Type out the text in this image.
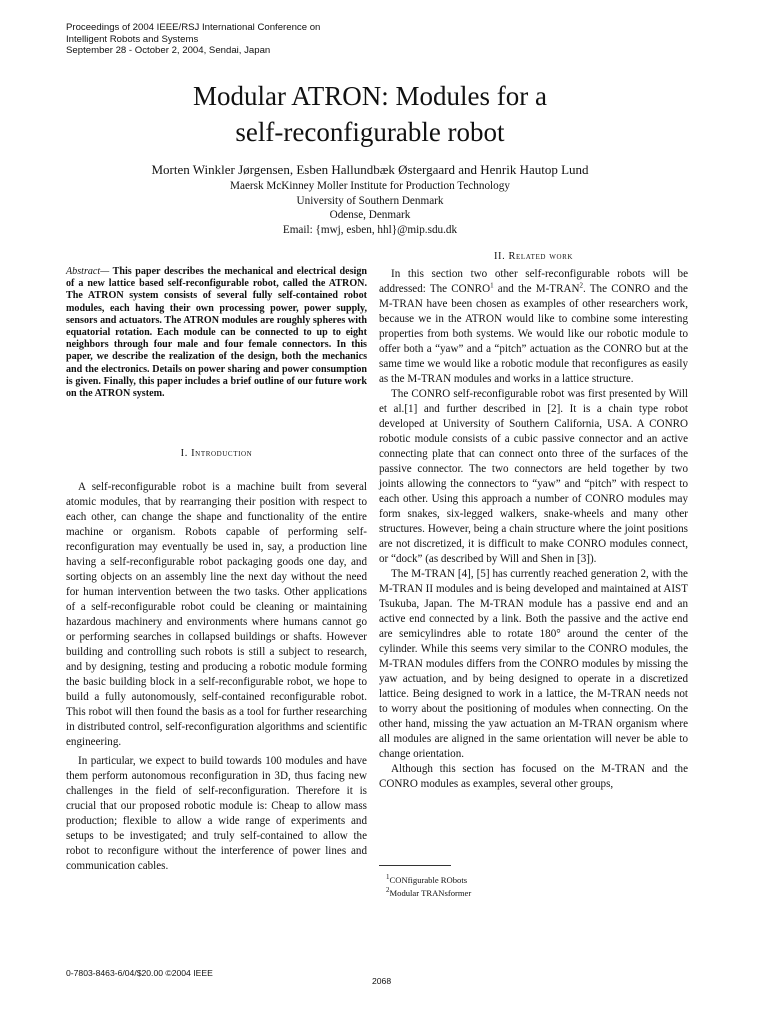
Proceedings of 2004 IEEE/RSJ International Conference on
Intelligent Robots and Systems
September 28 - October 2, 2004, Sendai, Japan
Modular ATRON: Modules for a
self-reconfigurable robot
Morten Winkler Jørgensen, Esben Hallundbæk Østergaard and Henrik Hautop Lund
Maersk McKinney Moller Institute for Production Technology
University of Southern Denmark
Odense, Denmark
Email: {mwj, esben, hhl}@mip.sdu.dk
Abstract— This paper describes the mechanical and electrical design of a new lattice based self-reconfigurable robot, called the ATRON. The ATRON system consists of several fully self-contained robot modules, each having their own processing power, power supply, sensors and actuators. The ATRON modules are roughly spheres with equatorial rotation. Each module can be connected to up to eight neighbors through four male and four female connectors. In this paper, we describe the realization of the design, both the mechanics and the electronics. Details on power sharing and power consumption is given. Finally, this paper includes a brief outline of our future work on the ATRON system.
I. Introduction

A self-reconfigurable robot is a machine built from several atomic modules, that by rearranging their position with respect to each other, can change the shape and functionality of the entire machine or organism. Robots capable of performing self-reconfiguration may eventually be used in, say, a production line having a self-reconfigurable robot packaging goods one day, and sorting objects on an assembly line the next day without the need for human intervention between the two tasks. Other applications of a self-reconfigurable robot could be cleaning or maintaining hazardous machinery and environments where humans cannot go or performing searches in collapsed buildings or shafts. However building and controlling such robots is still a subject to research, and by designing, testing and producing a robotic module forming the basic building block in a self-reconfigurable robot, we hope to build a fully autonomously, self-contained reconfigurable robot. This robot will then found the basis as a tool for further researching in distributed control, self-reconfiguration algorithms and scientific engineering.

In particular, we expect to build towards 100 modules and have them perform autonomous reconfiguration in 3D, thus facing new challenges in the field of self-reconfiguration. Therefore it is crucial that our proposed robotic module is: Cheap to allow mass production; flexible to allow a wide range of experiments and setups to be investigated; and truly self-contained to allow the robot to reconfigure without the interference of power lines and communication cables.

II. Related work

In this section two other self-reconfigurable robots will be addressed: The CONRO$^1$ and the M-TRAN$^2$. The CONRO and the M-TRAN have been chosen as examples of other researchers work, because we in the ATRON would like to combine some interesting properties from both systems. We would like our robotic module to offer both a “yaw” and a “pitch” actuation as the CONRO but at the same time we would like a robotic module that reconfigures as easily as the M-TRAN modules and works in a lattice structure.

The CONRO self-reconfigurable robot was first presented by Will et al.[1] and further described in [2]. It is a chain type robot developed at University of Southern California, USA. A CONRO robotic module consists of a cubic passive connector and an active connecting plate that can connect onto three of the surfaces of the passive connector. The two connectors are held together by two joints allowing the connectors to “yaw” and “pitch” with respect to each other. Using this approach a number of CONRO modules may form snakes, six-legged walkers, snake-wheels and many other structures. However, being a chain structure where the joint positions are not discretized, it is difficult to make CONRO modules connect, or “dock” (as described by Will and Shen in [3]).

The M-TRAN [4], [5] has currently reached generation 2, with the M-TRAN II modules and is being developed and maintained at AIST Tsukuba, Japan. The M-TRAN module has a passive end and an active end connected by a link. Both the passive and the active end are semicylindres able to rotate 180° around the center of the cylinder. While this seems very similar to the CONRO modules, the M-TRAN modules differs from the CONRO modules by missing the yaw actuation, and by being designed to operate in a discretized lattice. Being designed to work in a lattice, the M-TRAN needs not to worry about the positioning of modules when connecting. On the other hand, missing the yaw actuation an M-TRAN organism where all modules are aligned in the same orientation will never be able to change orientation.

Although this section has focused on the M-TRAN and the CONRO modules as examples, several other groups,

$^1$CONfigurable RObots
$^2$Modular TRANsformer
0-7803-8463-6/04/$20.00 ©2004 IEEE
2068
